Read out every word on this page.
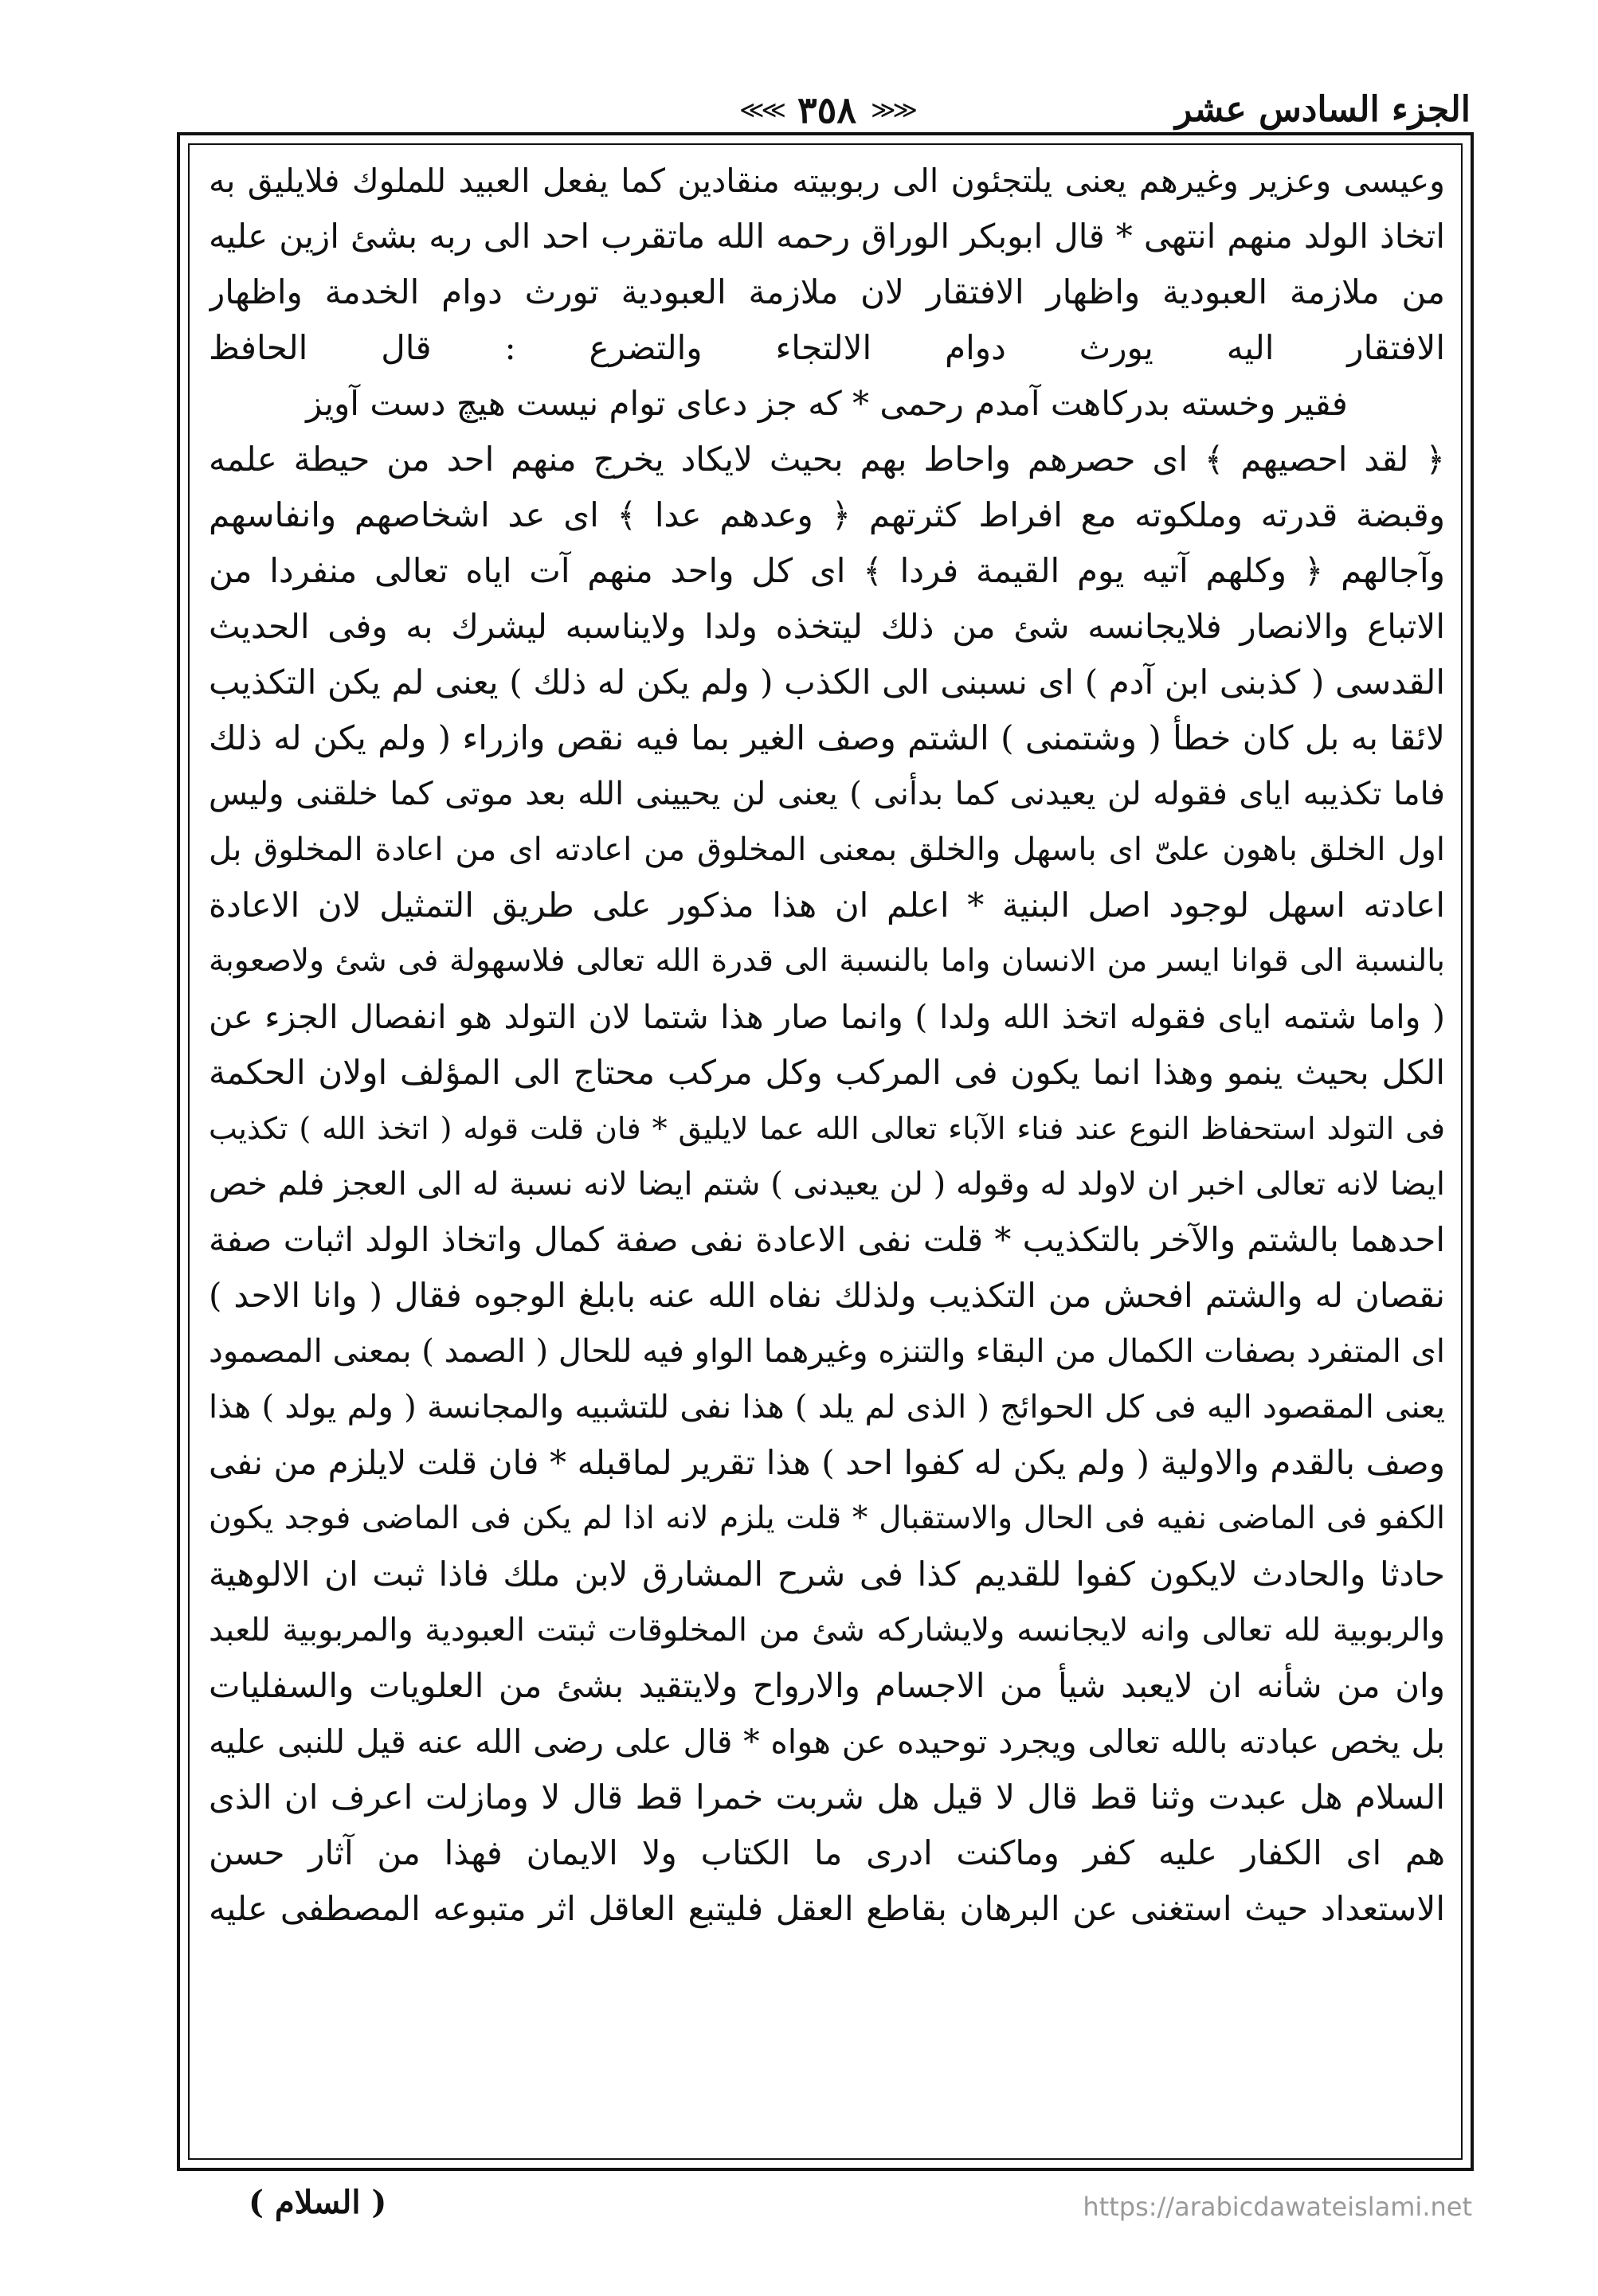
الجزء السادس عشر
≪≪ ٣٥٨ ≫≫
وعيسى وعزير وغيرهم يعنى يلتجئون الى ربوبيته منقادين كما يفعل العبيد للملوك فلايليق به
اتخاذ الولد منهم انتهى * قال ابوبكر الوراق رحمه الله ماتقرب احد الى ربه بشئ ازين عليه
من ملازمة العبودية واظهار الافتقار لان ملازمة العبودية تورث دوام الخدمة واظهار
الافتقار اليه يورث دوام الالتجاء والتضرع : قال الحافظ
فقير وخسته بدركاهت آمدم رحمى * كه جز دعاى توام نيست هيچ دست آويز
﴿ لقد احصيهم ﴾ اى حصرهم واحاط بهم بحيث لايكاد يخرج منهم احد من حيطة علمه
وقبضة قدرته وملكوته مع افراط كثرتهم ﴿ وعدهم عدا ﴾ اى عد اشخاصهم وانفاسهم
وآجالهم ﴿ وكلهم آتيه يوم القيمة فردا ﴾ اى كل واحد منهم آت اياه تعالى منفردا من
الاتباع والانصار فلايجانسه شئ من ذلك ليتخذه ولدا ولايناسبه ليشرك به وفى الحديث
القدسى ( كذبنى ابن آدم ) اى نسبنى الى الكذب ( ولم يكن له ذلك ) يعنى لم يكن التكذيب
لائقا به بل كان خطأ ( وشتمنى ) الشتم وصف الغير بما فيه نقص وازراء ( ولم يكن له ذلك
فاما تكذيبه اياى فقوله لن يعيدنى كما بدأنى ) يعنى لن يحيينى الله بعد موتى كما خلقنى وليس
اول الخلق باهون علىّ اى باسهل والخلق بمعنى المخلوق من اعادته اى من اعادة المخلوق بل
اعادته اسهل لوجود اصل البنية * اعلم ان هذا مذكور على طريق التمثيل لان الاعادة
بالنسبة الى قوانا ايسر من الانسان واما بالنسبة الى قدرة الله تعالى فلاسهولة فى شئ ولاصعوبة
( واما شتمه اياى فقوله اتخذ الله ولدا ) وانما صار هذا شتما لان التولد هو انفصال الجزء عن
الكل بحيث ينمو وهذا انما يكون فى المركب وكل مركب محتاج الى المؤلف اولان الحكمة
فى التولد استحفاظ النوع عند فناء الآباء تعالى الله عما لايليق * فان قلت قوله ( اتخذ الله ) تكذيب
ايضا لانه تعالى اخبر ان لاولد له وقوله ( لن يعيدنى ) شتم ايضا لانه نسبة له الى العجز فلم خص
احدهما بالشتم والآخر بالتكذيب * قلت نفى الاعادة نفى صفة كمال واتخاذ الولد اثبات صفة
نقصان له والشتم افحش من التكذيب ولذلك نفاه الله عنه بابلغ الوجوه فقال ( وانا الاحد )
اى المتفرد بصفات الكمال من البقاء والتنزه وغيرهما الواو فيه للحال ( الصمد ) بمعنى المصمود
يعنى المقصود اليه فى كل الحوائج ( الذى لم يلد ) هذا نفى للتشبيه والمجانسة ( ولم يولد ) هذا
وصف بالقدم والاولية ( ولم يكن له كفوا احد ) هذا تقرير لماقبله * فان قلت لايلزم من نفى
الكفو فى الماضى نفيه فى الحال والاستقبال * قلت يلزم لانه اذا لم يكن فى الماضى فوجد يكون
حادثا والحادث لايكون كفوا للقديم كذا فى شرح المشارق لابن ملك فاذا ثبت ان الالوهية
والربوبية لله تعالى وانه لايجانسه ولايشاركه شئ من المخلوقات ثبتت العبودية والمربوبية للعبد
وان من شأنه ان لايعبد شيأ من الاجسام والارواح ولايتقيد بشئ من العلويات والسفليات
بل يخص عبادته بالله تعالى ويجرد توحيده عن هواه * قال على رضى الله عنه قيل للنبى عليه
السلام هل عبدت وثنا قط قال لا قيل هل شربت خمرا قط قال لا ومازلت اعرف ان الذى
هم اى الكفار عليه كفر وماكنت ادرى ما الكتاب ولا الايمان فهذا من آثار حسن
الاستعداد حيث استغنى عن البرهان بقاطع العقل فليتبع العاقل اثر متبوعه المصطفى عليه
( السلام )	https://arabicdawateislami.net
